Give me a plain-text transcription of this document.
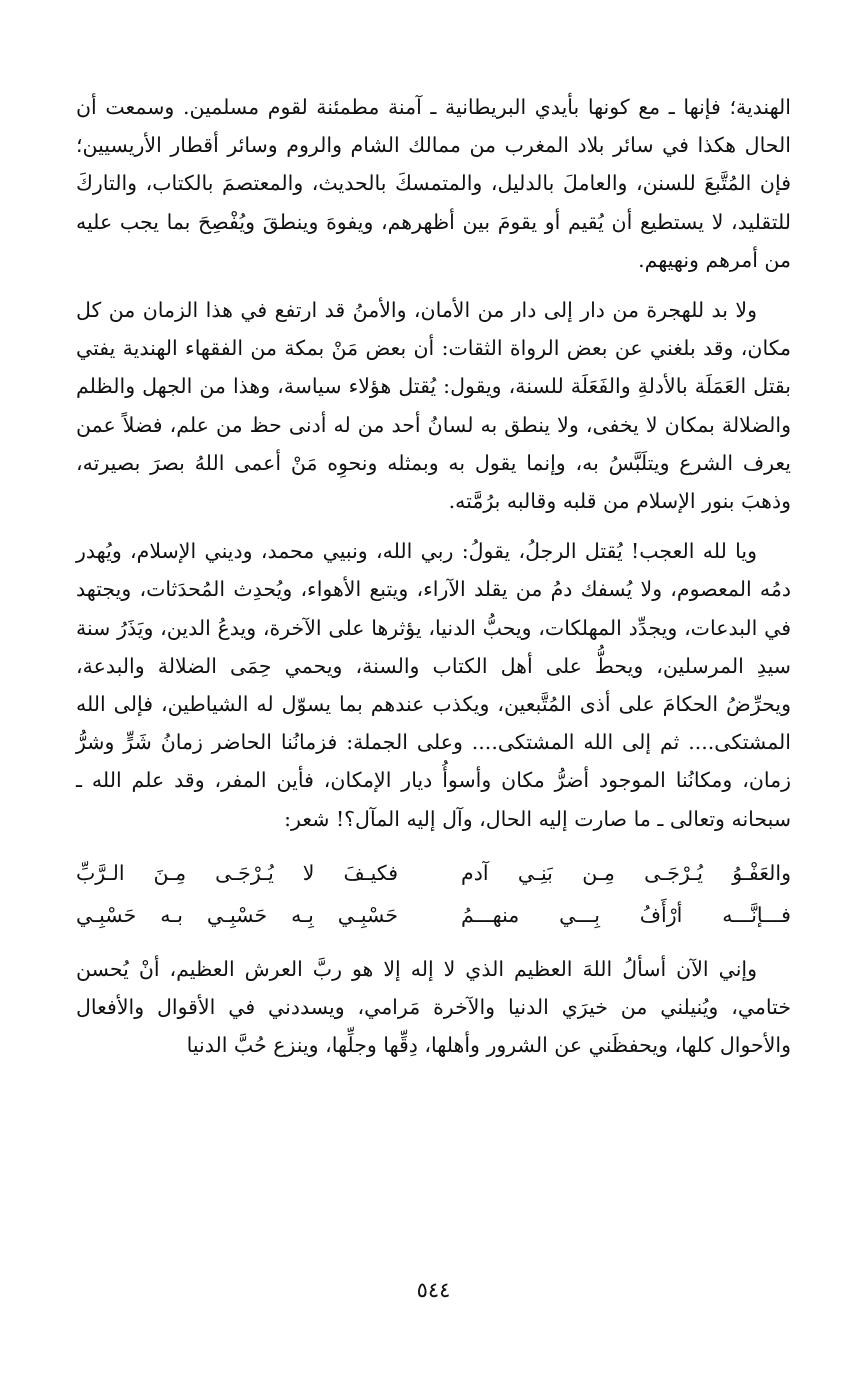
الهندية؛ فإنها ـ مع كونها بأيدي البريطانية ـ آمنة مطمئنة لقوم مسلمين. وسمعت أن الحال هكذا في سائر بلاد المغرب من ممالك الشام والروم وسائر أقطار الأريسيين؛ فإن المُتَّبعَ للسنن، والعاملَ بالدليل، والمتمسكَ بالحديث، والمعتصمَ بالكتاب، والتاركَ للتقليد، لا يستطيع أن يُقيم أو يقومَ بين أظهرهم، ويفوهَ وينطقَ ويُفْصِحَ بما يجب عليه من أمرهم ونهيهم.

ولا بد للهجرة من دار إلى دار من الأمان، والأمنُ قد ارتفع في هذا الزمان من كل مكان، وقد بلغني عن بعض الرواة الثقات: أن بعض مَنْ بمكة من الفقهاء الهندية يفتي بقتل العَمَلَة بالأدلةِ والفَعَلَة للسنة، ويقول: يُقتل هؤلاء سياسة، وهذا من الجهل والظلم والضلالة بمكان لا يخفى، ولا ينطق به لسانُ أحد من له أدنى حظ من علم، فضلاً عمن يعرف الشرع ويتلَبَّسُ به، وإنما يقول به وبمثله ونحوِه مَنْ أعمى اللهُ بصرَ بصيرته، وذهبَ بنور الإسلام من قلبه وقالبه برُمَّته.

ويا لله العجب! يُقتل الرجلُ، يقولُ: ربي الله، ونبيي محمد، وديني الإسلام، ويُهدر دمُه المعصوم، ولا يُسفك دمُ من يقلد الآراء، ويتبع الأهواء، ويُحدِث المُحدَثات، ويجتهد في البدعات، ويجدِّد المهلكات، ويحبُّ الدنيا، يؤثرها على الآخرة، ويدعُ الدين، ويَذَرُ سنة سيدِ المرسلين، ويحطُّ على أهل الكتاب والسنة، ويحمي حِمَى الضلالة والبدعة، ويحرِّضُ الحكامَ على أذى المُتَّبعين، ويكذب عندهم بما يسوّل له الشياطين، فإلى الله المشتكى.... ثم إلى الله المشتكى.... وعلى الجملة: فزمانُنا الحاضر زمانُ شَرٍّ وشرُّ زمان، ومكانُنا الموجود أضرُّ مكان وأسوأُ ديار الإمكان، فأين المفر، وقد علم الله ـ سبحانه وتعالى ـ ما صارت إليه الحال، وآل إليه المآل؟! شعر:

والعَفْـوُ يُـرْجَـى مِـن بَنِـي آدم
فكيـفَ لا يُـرْجَـى مِـنَ الـرَّبِّ
فـــإنَّـــه أرْأَفُ بِـــي منهـــمُ
حَسْبِـي بِـه حَسْبِـي بـه حَسْبِـي

وإني الآن أسألُ اللهَ العظيم الذي لا إله إلا هو ربَّ العرش العظيم، أنْ يُحسن ختامي، ويُنيلني من خيرَي الدنيا والآخرة مَرامي، ويسددني في الأقوال والأفعال والأحوال كلها، ويحفظَني عن الشرور وأهلها، دِقِّها وجلِّها، وينزع حُبَّ الدنيا

٥٤٤
